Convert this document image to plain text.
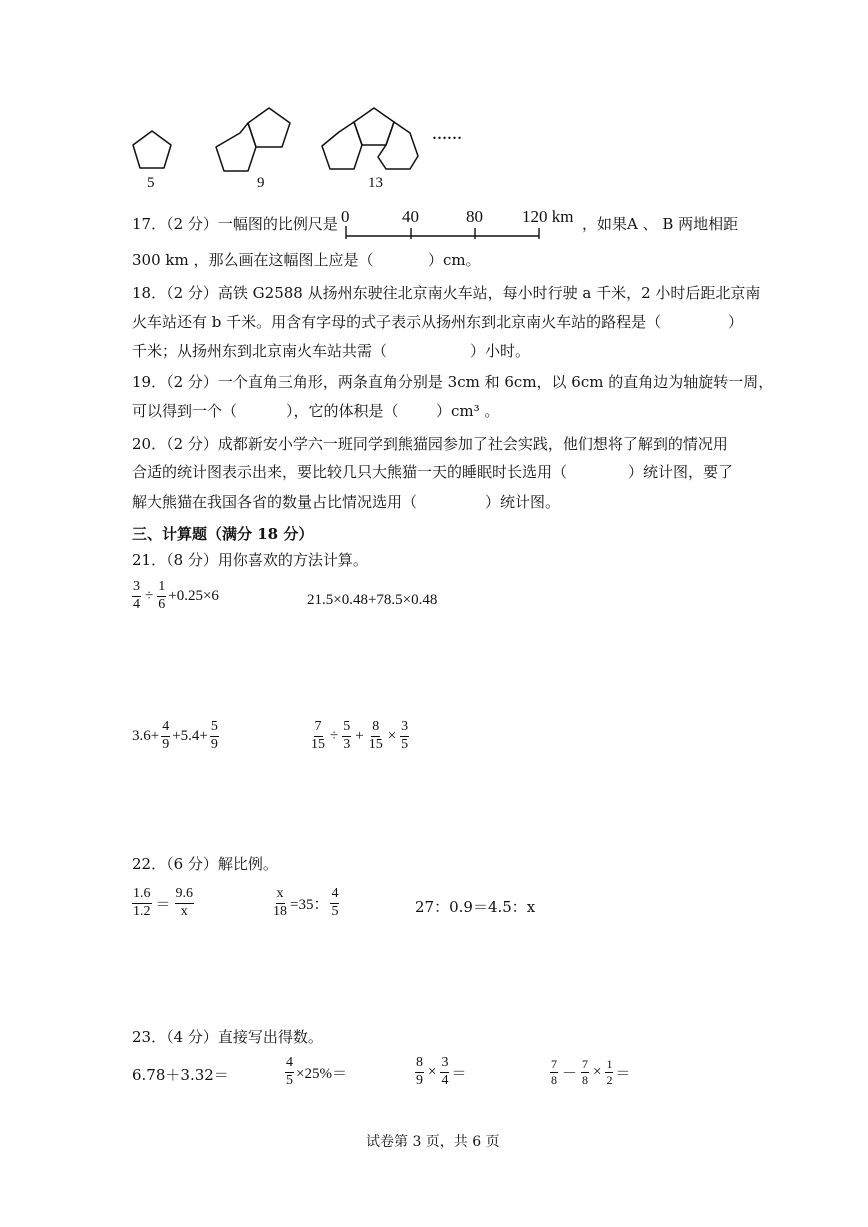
5	9	13
……
17．（2 分）一幅图的比例尺是 0	40	80 120 km ，如果A 、 B 两地相距
300 km ，那么画在这幅图上应是（	）cm。
18．（2 分）高铁 G2588 从扬州东驶往北京南火车站，每小时行驶 a 千米，2 小时后距北京南
火车站还有 b 千米。用含有字母的式子表示从扬州东到北京南火车站的路程是（	）
千米；从扬州东到北京南火车站共需（	）小时。
19．（2 分）一个直角三角形，两条直角分别是 3cm 和 6cm，以 6cm 的直角边为轴旋转一周，
可以得到一个（	），它的体积是（ ）cm³ 。
20．（2 分）成都新安小学六一班同学到熊猫园参加了社会实践，他们想将了解到的情况用
合适的统计图表示出来，要比较几只大熊猫一天的睡眠时长选用（	）统计图，要了
解大熊猫在我国各省的数量占比情况选用（	）统计图。
三、计算题（满分 18 分）
21．（8 分）用你喜欢的方法计算。
$\frac{3}{4} \div \frac{1}{6} +0.25\times 6$	21.5×0.48+78.5×0.48
$3.6+ \frac{4}{9} +5.4+ \frac{5}{9}$	$\frac{7}{15} \div \frac{5}{3} + \frac{8}{15} \times \frac{3}{5}$
22．（6 分）解比例。
$\frac{1.6}{1.2} = \frac{9.6}{x}$	$\frac{x}{18} =35$： $\frac{4}{5}$	27：0.9＝4.5：x
23．（4 分）直接写出得数。
6.78＋3.32＝	$\frac{4}{5} \times 25\%=$	$\frac{8}{9} \times \frac{3}{4}$ ＝	$\frac{7}{8} - \frac{7}{8} \times \frac{1}{2}$ ＝
试卷第 3 页，共 6 页
